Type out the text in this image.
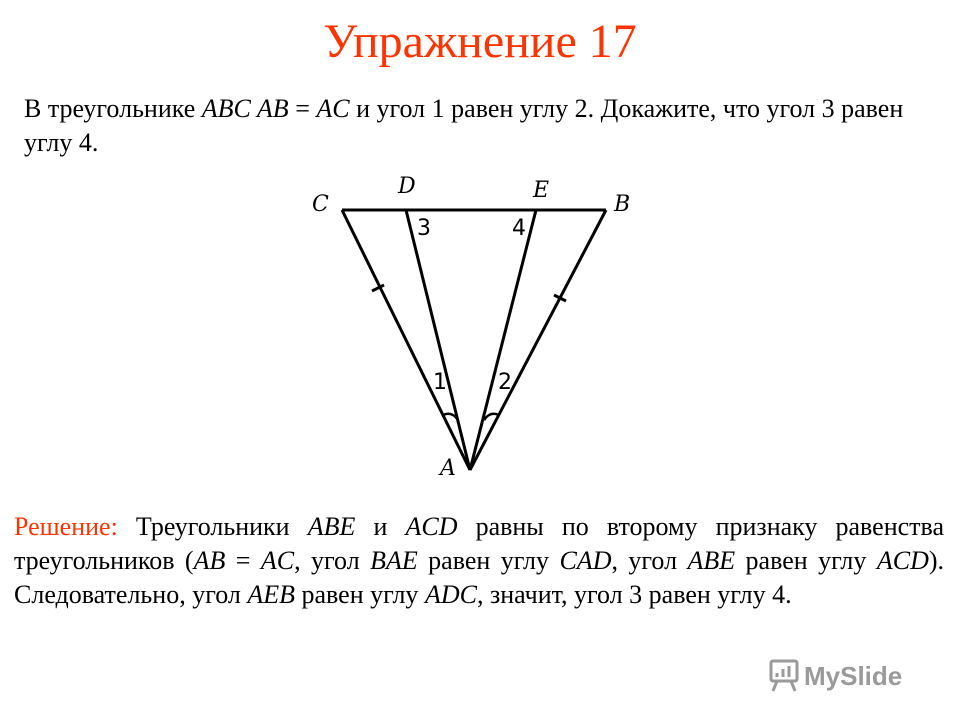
Упражнение 17
В треугольнике ABC AB = AC и угол 1 равен углу 2. Докажите, что угол 3 равен углу 4.
C
D	E
B
A
3	4
1 2
Решение: Треугольники ABE и ACD равны по второму признаку равенства треугольников (AB = AC, угол BAE равен углу CAD, угол ABE равен углу ACD). Следовательно, угол AEB равен углу ADC, значит, угол 3 равен углу 4.
MySlide
